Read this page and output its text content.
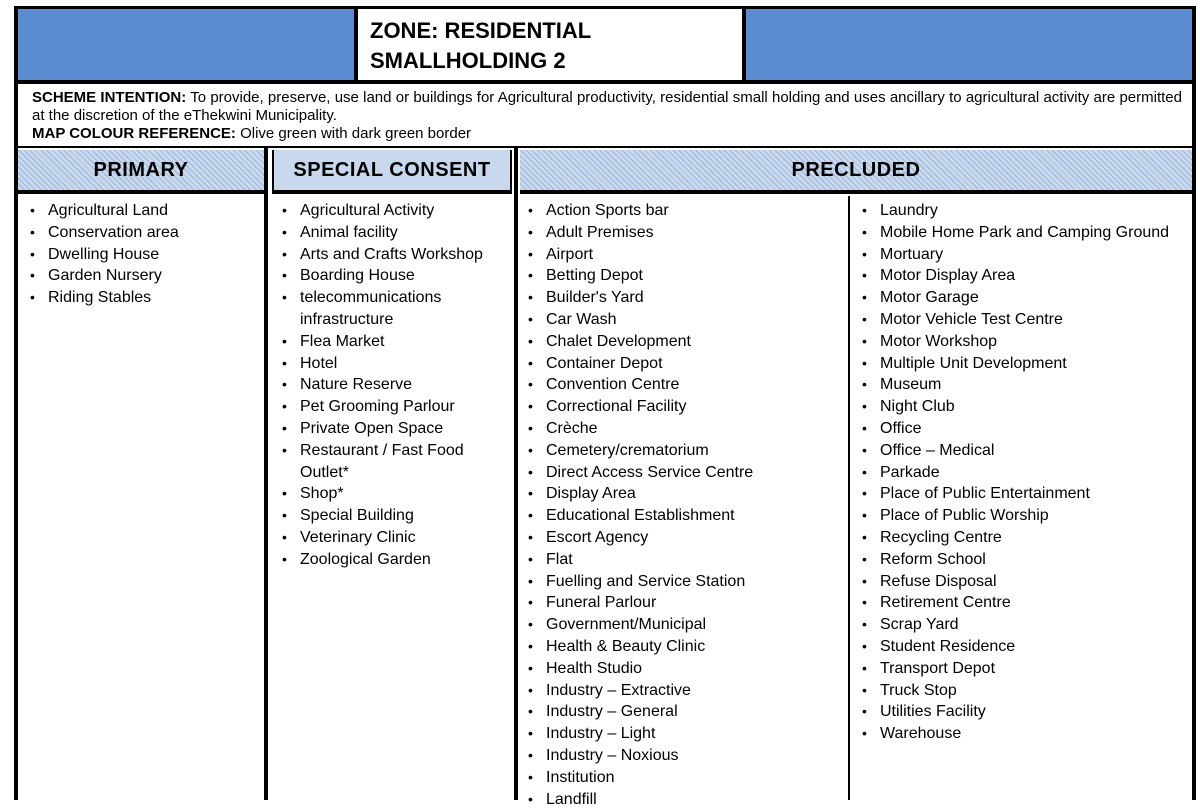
ZONE: RESIDENTIAL
SMALLHOLDING 2

SCHEME INTENTION: To provide, preserve, use land or buildings for Agricultural productivity, residential small holding and uses ancillary to agricultural activity are permitted at the discretion of the eThekwini Municipality.

MAP COLOUR REFERENCE: Olive green with dark green border

PRIMARY	SPECIAL CONSENT	PRECLUDED
• Agricultural Land
• Conservation area
• Dwelling House
• Garden Nursery
• Riding Stables
• Agricultural Activity
• Animal facility
• Arts and Crafts Workshop
• Boarding House
• telecommunications infrastructure
• Flea Market
• Hotel
• Nature Reserve
• Pet Grooming Parlour
• Private Open Space
• Restaurant / Fast Food Outlet*
• Shop*
• Special Building
• Veterinary Clinic
• Zoological Garden
• Action Sports bar
• Adult Premises
• Airport
• Betting Depot
• Builder's Yard
• Car Wash
• Chalet Development
• Container Depot
• Convention Centre
• Correctional Facility
• Crèche
• Cemetery/crematorium
• Direct Access Service Centre
• Display Area
• Educational Establishment
• Escort Agency
• Flat
• Fuelling and Service Station
• Funeral Parlour
• Government/Municipal
• Health & Beauty Clinic
• Health Studio
• Industry – Extractive
• Industry – General
• Industry – Light
• Industry – Noxious
• Institution
• Landfill
• Laundry
• Mobile Home Park and Camping Ground
• Mortuary
• Motor Display Area
• Motor Garage
• Motor Vehicle Test Centre
• Motor Workshop
• Multiple Unit Development
• Museum
• Night Club
• Office
• Office – Medical
• Parkade
• Place of Public Entertainment
• Place of Public Worship
• Recycling Centre
• Reform School
• Refuse Disposal
• Retirement Centre
• Scrap Yard
• Student Residence
• Transport Depot
• Truck Stop
• Utilities Facility
• Warehouse
